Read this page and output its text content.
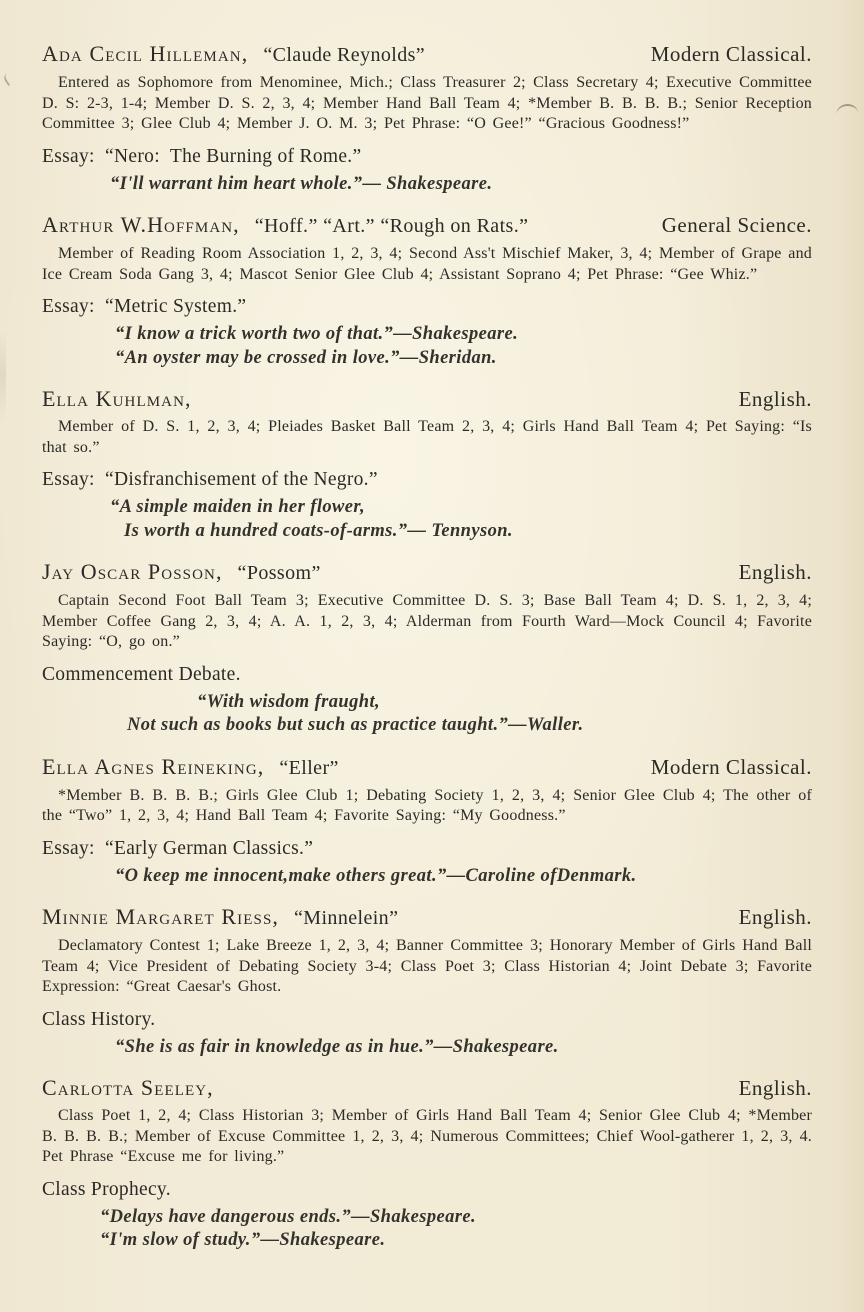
Ada Cecil Hilleman, “Claude Reynolds”	Modern Classical.

Entered as Sophomore from Menominee, Mich.; Class Treasurer 2; Class Secretary 4; Executive Committee D. S: 2-3, 1-4; Member D. S. 2, 3, 4; Member Hand Ball Team 4; *Member B. B. B. B.; Senior Reception Committee 3; Glee Club 4; Member J. O. M. 3; Pet Phrase: “O Gee!” “Gracious Goodness!”

Essay:  “Nero:  The Burning of Rome.”
“I'll warrant him heart whole.”— Shakespeare.
Arthur W.Hoffman, “Hoff.” “Art.” “Rough on Rats.”	General Science.

Member of Reading Room Association 1, 2, 3, 4; Second Ass't Mischief Maker, 3, 4; Member of Grape and Ice Cream Soda Gang 3, 4; Mascot Senior Glee Club 4; Assistant Soprano 4; Pet Phrase: “Gee Whiz.”

Essay:  “Metric System.”
“I know a trick worth two of that.”—Shakespeare.
“An oyster may be crossed in love.”—Sheridan.
Ella Kuhlman,	English.

Member of D. S. 1, 2, 3, 4; Pleiades Basket Ball Team 2, 3, 4; Girls Hand Ball Team 4; Pet Saying: “Is that so.”

Essay:  “Disfranchisement of the Negro.”
“A simple maiden in her flower,
Is worth a hundred coats-of-arms.”— Tennyson.
Jay Oscar Posson, “Possom”	English.

Captain Second Foot Ball Team 3; Executive Committee D. S. 3; Base Ball Team 4; D. S. 1, 2, 3, 4; Member Coffee Gang 2, 3, 4; A. A. 1, 2, 3, 4; Alderman from Fourth Ward—Mock Council 4; Favorite Saying: “O, go on.”

Commencement Debate.
“With wisdom fraught,
Not such as books but such as practice taught.”—Waller.
Ella Agnes Reineking, “Eller”	Modern Classical.

*Member B. B. B. B.; Girls Glee Club 1; Debating Society 1, 2, 3, 4; Senior Glee Club 4; The other of the “Two” 1, 2, 3, 4; Hand Ball Team 4; Favorite Saying: “My Goodness.”

Essay:  “Early German Classics.”
“O keep me innocent,make others great.”—Caroline ofDenmark.
Minnie Margaret Riess, “Minnelein”	English.

Declamatory Contest 1; Lake Breeze 1, 2, 3, 4; Banner Committee 3; Honorary Member of Girls Hand Ball Team 4; Vice President of Debating Society 3-4; Class Poet 3; Class Historian 4; Joint Debate 3; Favorite Expression: “Great Caesar's Ghost.

Class History.
“She is as fair in knowledge as in hue.”—Shakespeare.
Carlotta Seeley,	English.

Class Poet 1, 2, 4; Class Historian 3; Member of Girls Hand Ball Team 4; Senior Glee Club 4; *Member B. B. B. B.; Member of Excuse Committee 1, 2, 3, 4; Numerous Committees; Chief Wool-gatherer 1, 2, 3, 4. Pet Phrase “Excuse me for living.”

Class Prophecy.
“Delays have dangerous ends.”—Shakespeare.
“I'm slow of study.”—Shakespeare.
